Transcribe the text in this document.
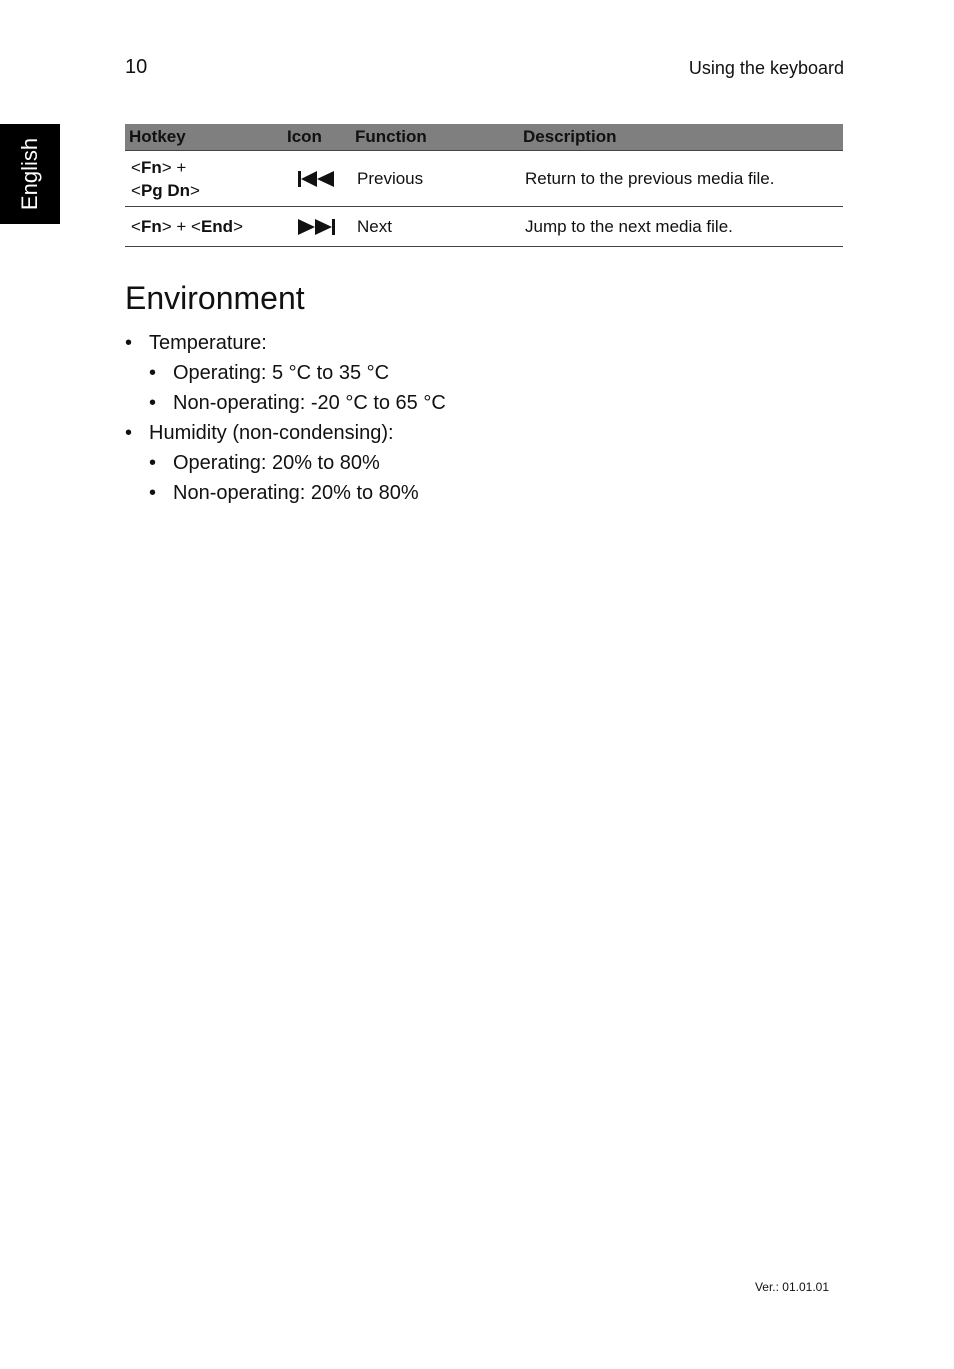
10	Using the keyboard
English
Hotkey	Icon	Function	Description

<Fn> +
<Pg Dn>		Previous	Return to the previous media file.

<Fn> + <End>		Next	Jump to the next media file.
Environment
• Temperature:
• Operating: 5 °C to 35 °C
• Non-operating: -20 °C to 65 °C
• Humidity (non-condensing):
• Operating: 20% to 80%
• Non-operating: 20% to 80%
Ver.: 01.01.01
